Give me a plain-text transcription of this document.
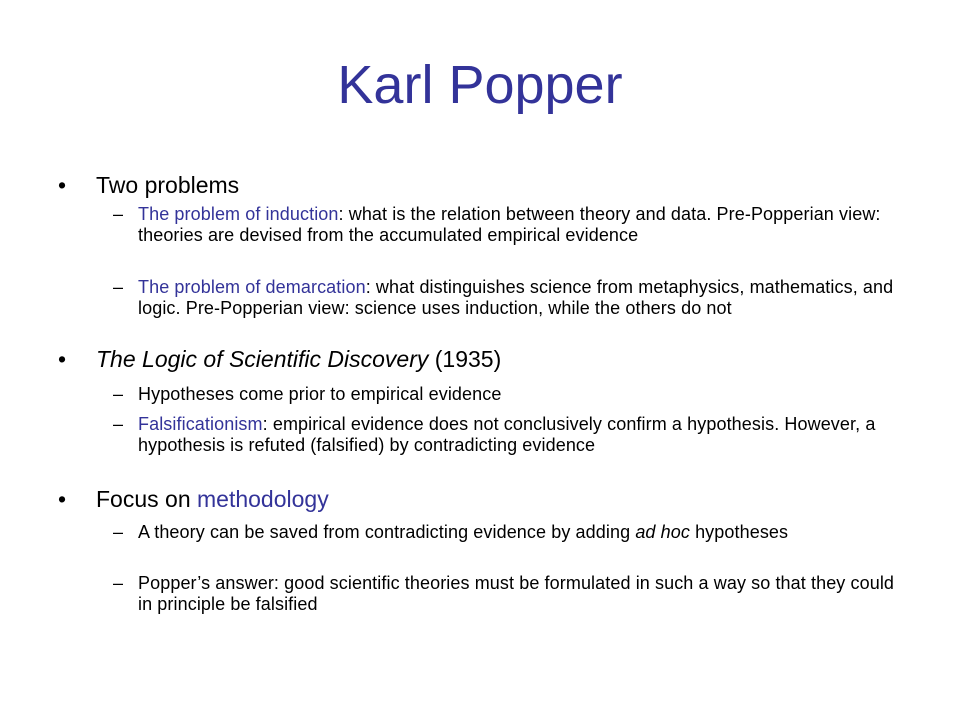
Karl Popper
• Two problems
– The problem of induction: what is the relation between theory and data. Pre-Popperian view: theories are devised from the accumulated empirical evidence
– The problem of demarcation: what distinguishes science from metaphysics, mathematics, and logic. Pre-Popperian view: science uses induction, while the others do not
• The Logic of Scientific Discovery (1935)
– Hypotheses come prior to empirical evidence
– Falsificationism: empirical evidence does not conclusively confirm a hypothesis. However, a hypothesis is refuted (falsified) by contradicting evidence
• Focus on methodology
– A theory can be saved from contradicting evidence by adding ad hoc hypotheses
– Popper’s answer: good scientific theories must be formulated in such a way so that they could in principle be falsified
